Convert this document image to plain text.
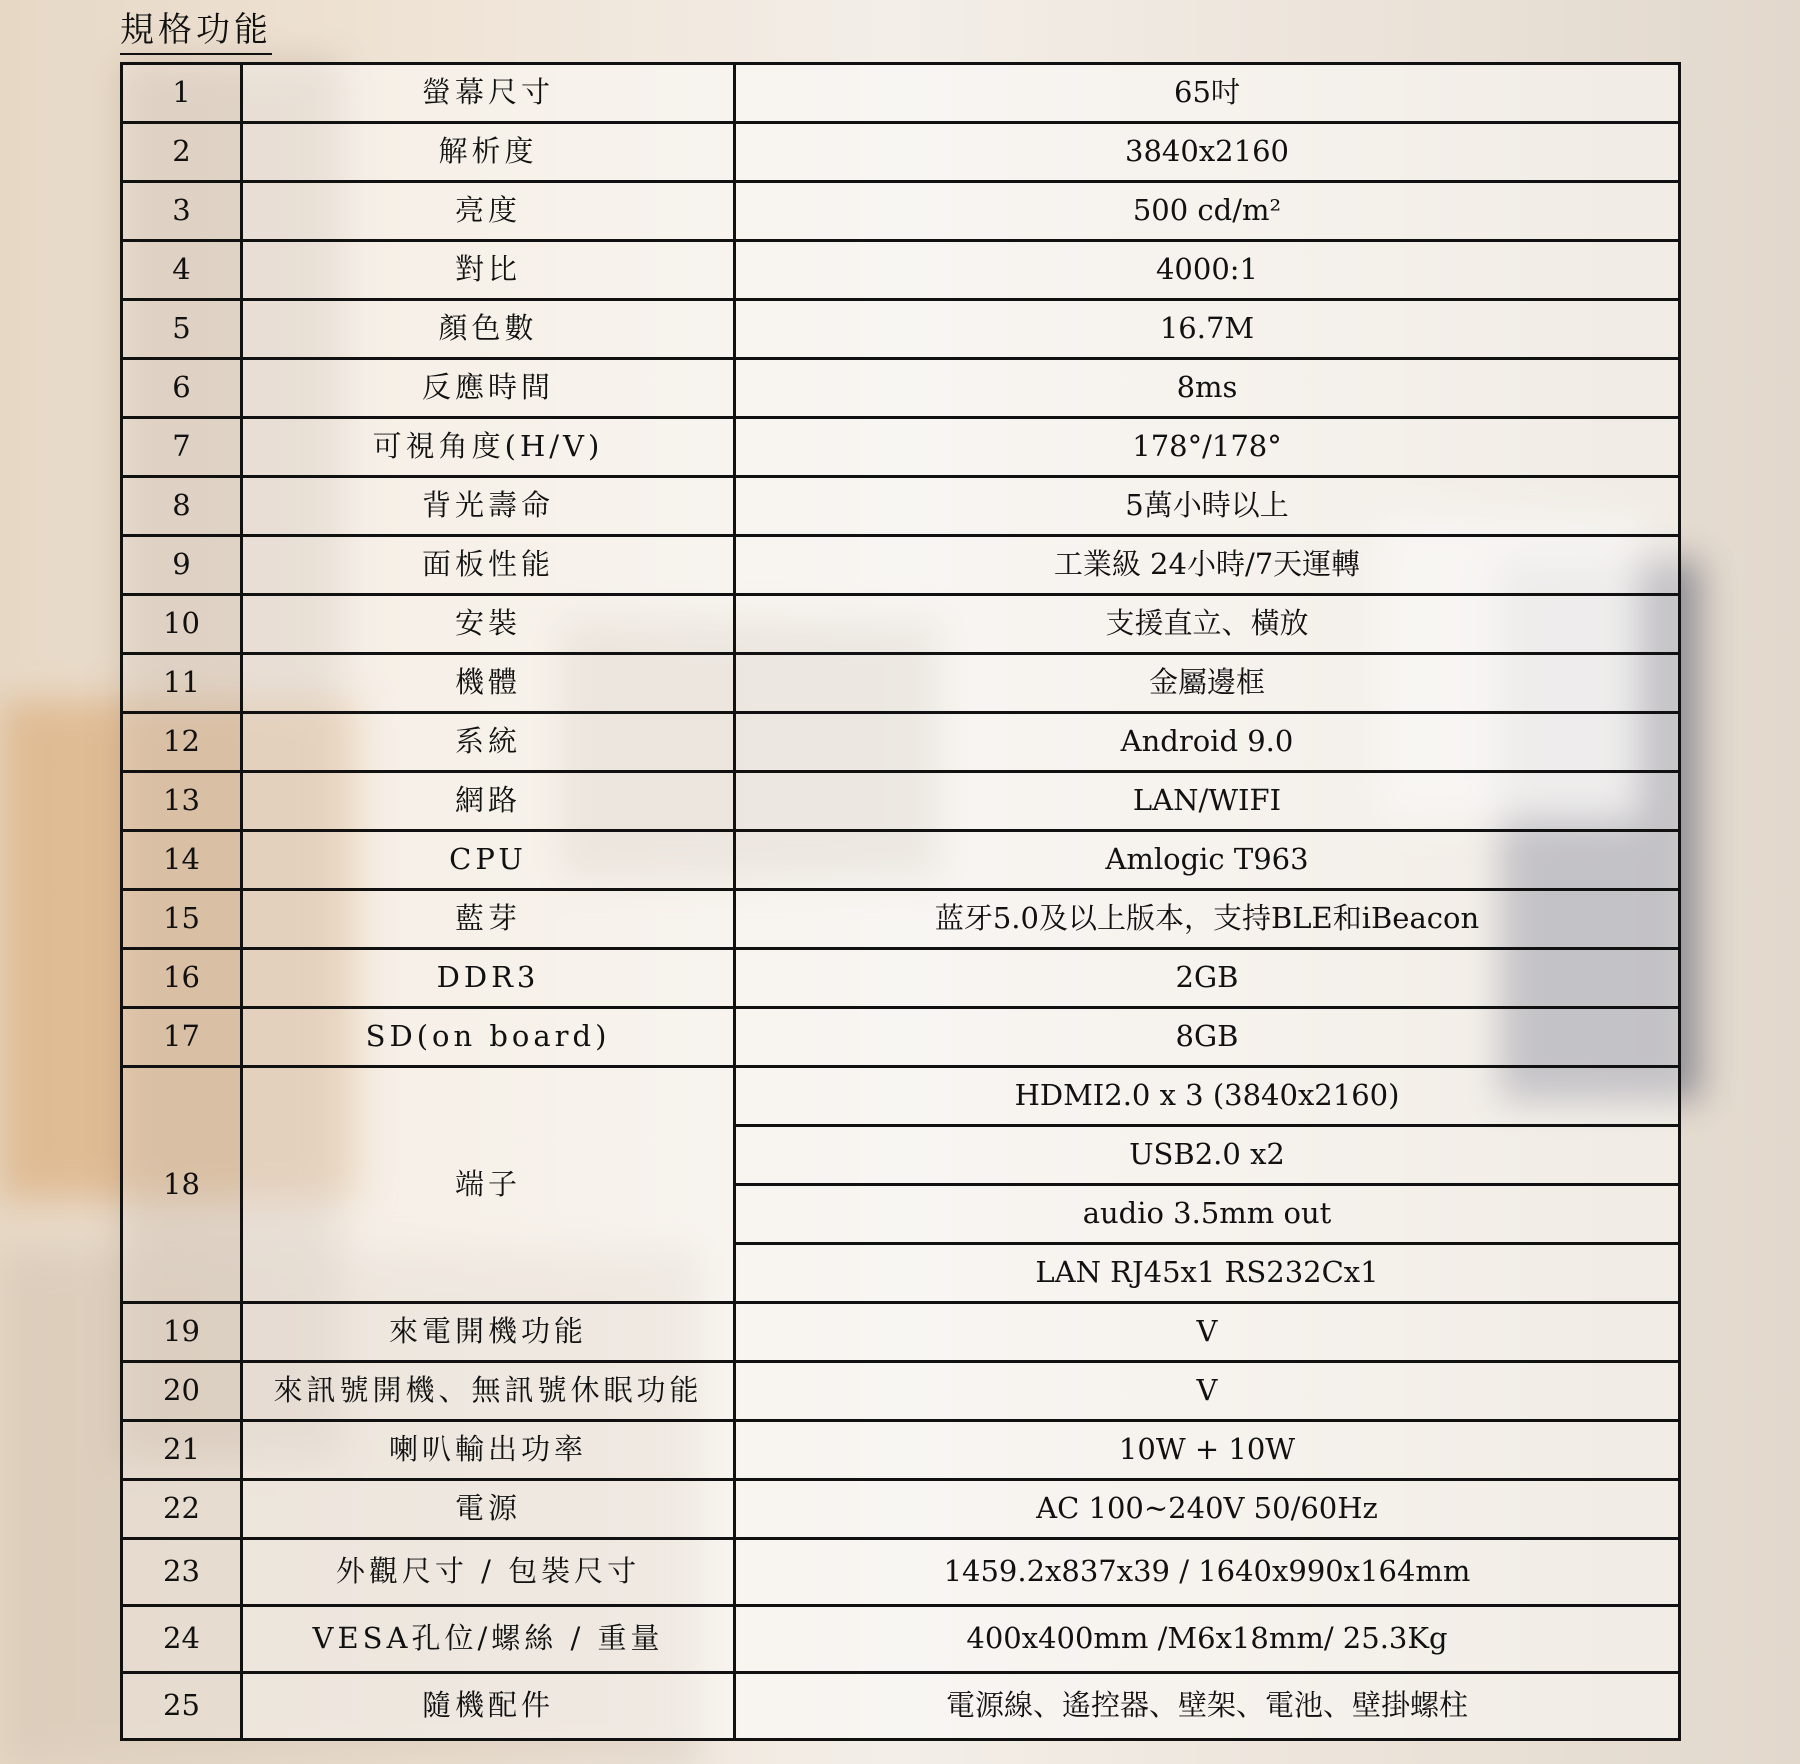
規格功能
1	螢幕尺寸	65吋
2	解析度	3840x2160
3	亮度	500 cd/m²
4	對比	4000:1
5	顏色數	16.7M
6	反應時間	8ms
7	可視角度(H/V)	178°/178°
8	背光壽命	5萬小時以上
9	面板性能	工業級 24小時/7天運轉
10	安裝	支援直立、橫放
11	機體	金屬邊框
12	系統	Android 9.0
13	網路	LAN/WIFI
14	CPU	Amlogic T963
15	藍芽	蓝牙5.0及以上版本，支持BLE和iBeacon
16	DDR3	2GB
17	SD(on board)	8GB
18	端子	HDMI2.0 x 3 (3840x2160)
		USB2.0 x2
		audio 3.5mm out
		LAN RJ45x1 RS232Cx1
19	來電開機功能	V
20	來訊號開機、無訊號休眠功能	V
21	喇叭輸出功率	10W + 10W
22	電源	AC 100~240V 50/60Hz
23	外觀尺寸 / 包裝尺寸	1459.2x837x39 / 1640x990x164mm
24	VESA孔位/螺絲 / 重量	400x400mm /M6x18mm/ 25.3Kg
25	隨機配件	電源線、遙控器、壁架、電池、壁掛螺柱
